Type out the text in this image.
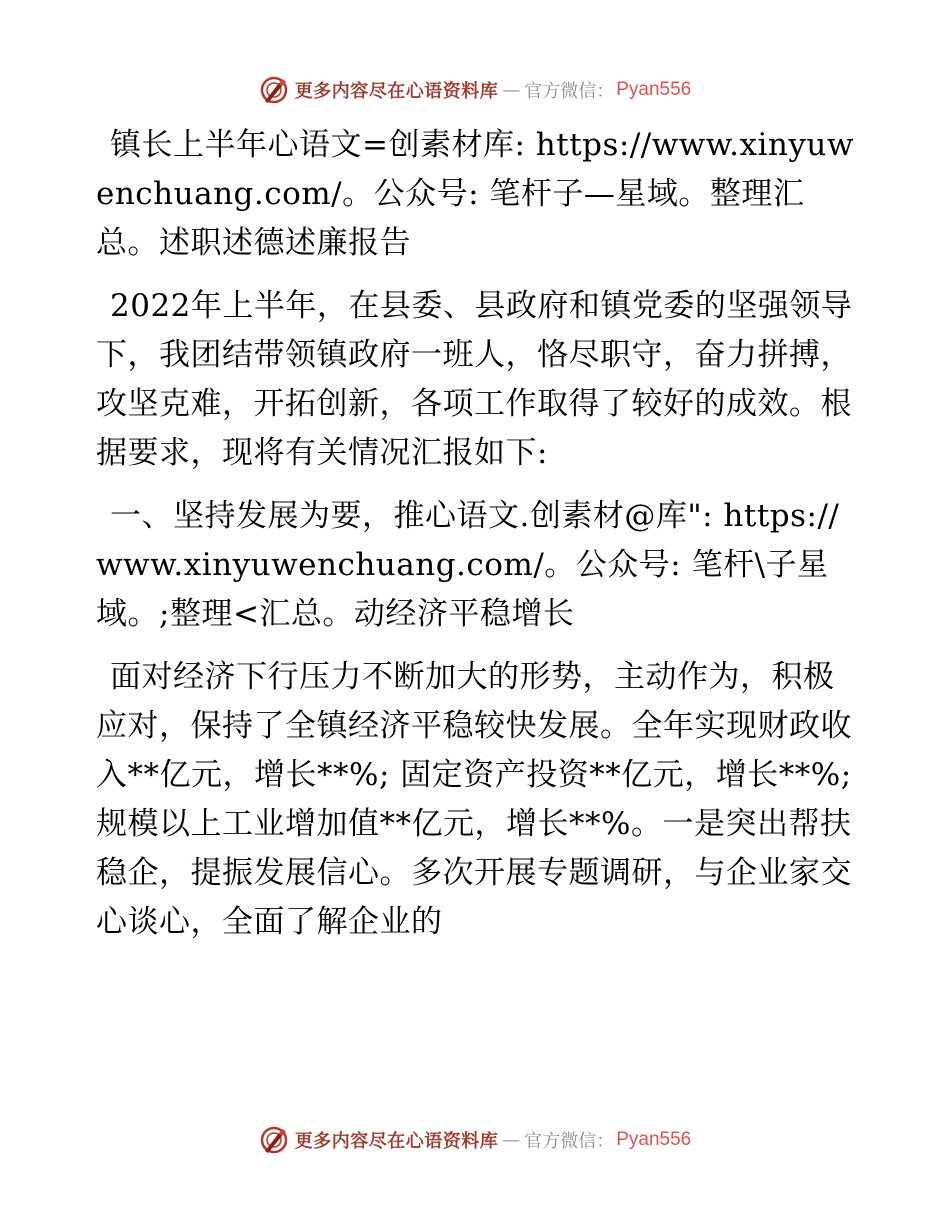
更多内容尽在心语资料库 — 官方微信： Pyan556

镇长上半年心语文=创素材库: https://www.xinyuwenchuang.com/。公众号: 笔杆子—星域。整理汇总。述职述德述廉报告

2022年上半年，在县委、县政府和镇党委的坚强领导下，我团结带领镇政府一班人，恪尽职守，奋力拼搏，攻坚克难，开拓创新，各项工作取得了较好的成效。根据要求，现将有关情况汇报如下:

一、坚持发展为要，推心语文.创素材@库": https://www.xinyuwenchuang.com/。公众号: 笔杆\子星域。;整理<汇总。动经济平稳增长

面对经济下行压力不断加大的形势，主动作为，积极应对，保持了全镇经济平稳较快发展。全年实现财政收入**亿元，增长**%; 固定资产投资**亿元，增长**%; 规模以上工业增加值**亿元，增长**%。一是突出帮扶稳企，提振发展信心。多次开展专题调研，与企业家交心谈心，全面了解企业的

更多内容尽在心语资料库 — 官方微信： Pyan556
